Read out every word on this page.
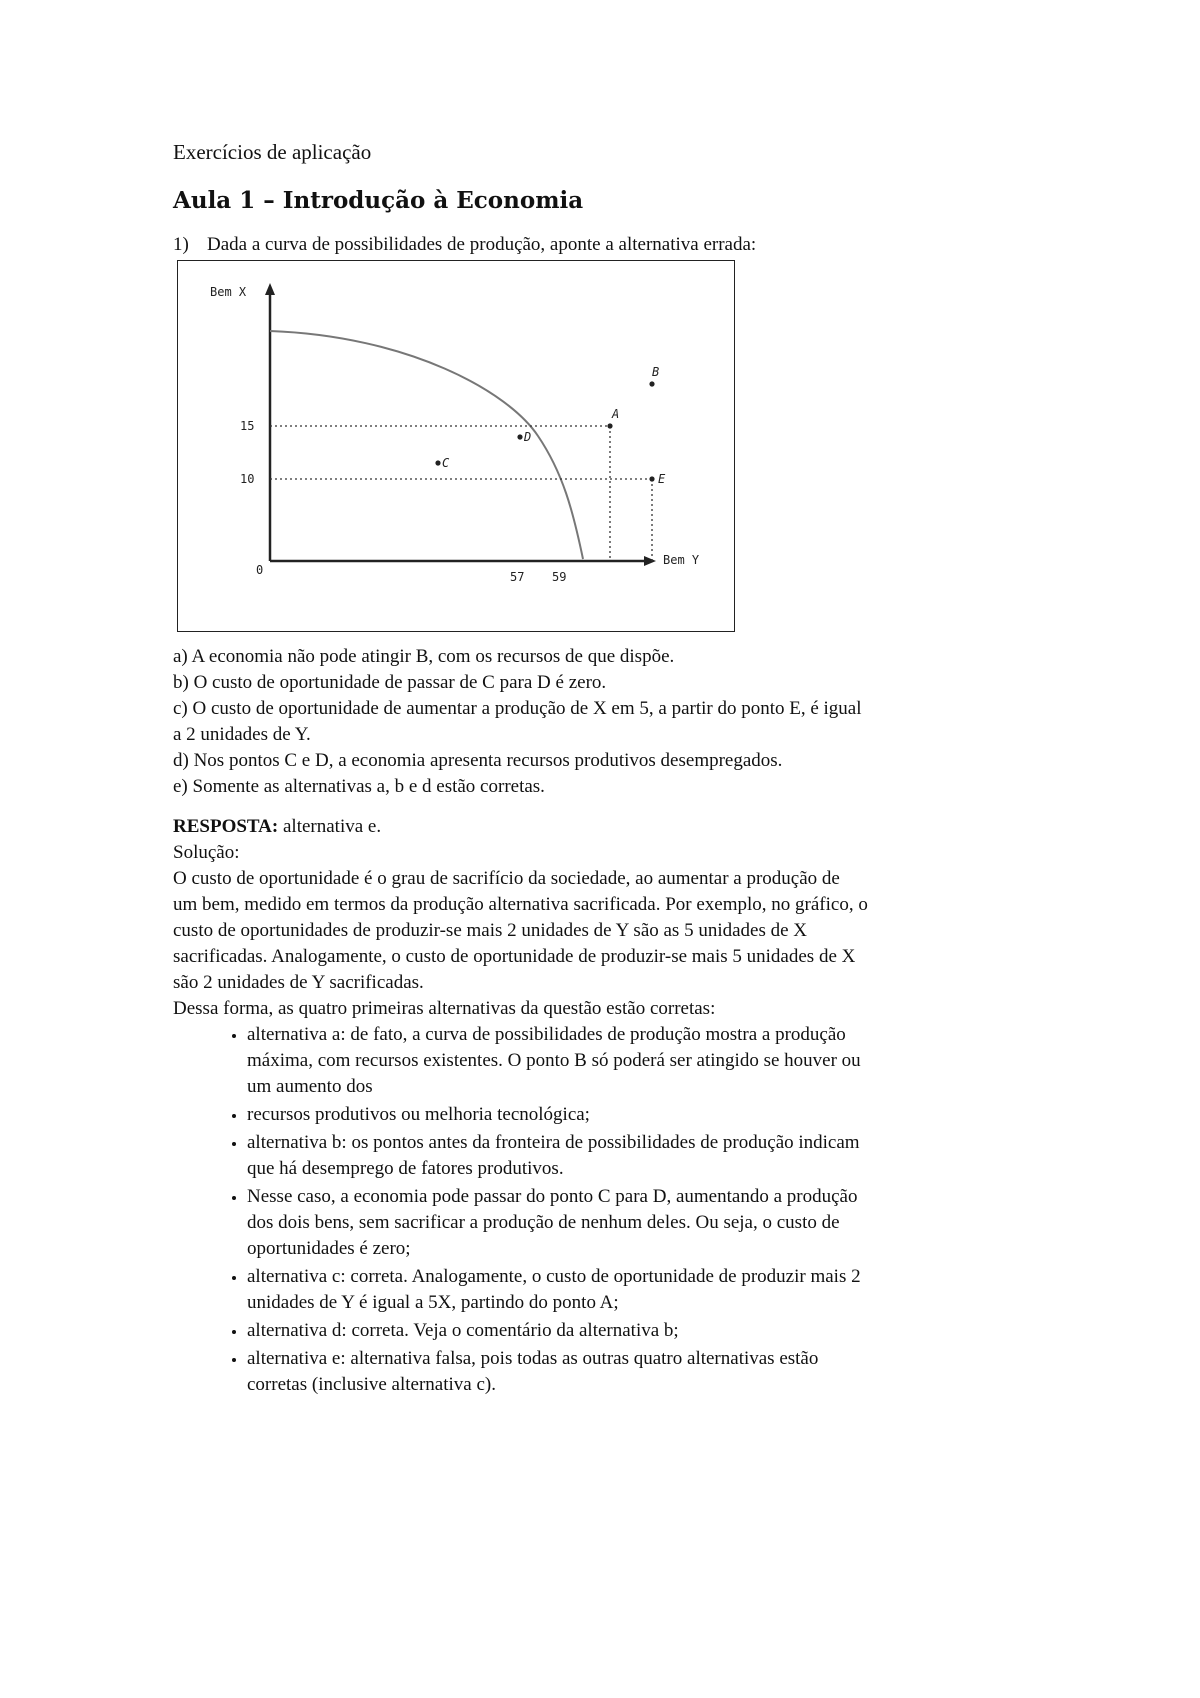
Exercícios de aplicação

Aula 1 – Introdução à Economia
1) Dada a curva de possibilidades de produção, aponte a alternativa errada:
Bem X
Bem Y
0
15
10
57 59
A
E
B
D
C
a) A economia não pode atingir B, com os recursos de que dispõe.
b) O custo de oportunidade de passar de C para D é zero.
c) O custo de oportunidade de aumentar a produção de X em 5, a partir do ponto E, é igual
a 2 unidades de Y.
d) Nos pontos C e D, a economia apresenta recursos produtivos desempregados.
e) Somente as alternativas a, b e d estão corretas.
RESPOSTA: alternativa e.
Solução:
O custo de oportunidade é o grau de sacrifício da sociedade, ao aumentar a produção de
um bem, medido em termos da produção alternativa sacrificada. Por exemplo, no gráfico, o
custo de oportunidades de produzir-se mais 2 unidades de Y são as 5 unidades de X
sacrificadas. Analogamente, o custo de oportunidade de produzir-se mais 5 unidades de X
são 2 unidades de Y sacrificadas.
Dessa forma, as quatro primeiras alternativas da questão estão corretas:
• alternativa a: de fato, a curva de possibilidades de produção mostra a produção
máxima, com recursos existentes. O ponto B só poderá ser atingido se houver ou
um aumento dos
• recursos produtivos ou melhoria tecnológica;
• alternativa b: os pontos antes da fronteira de possibilidades de produção indicam
que há desemprego de fatores produtivos.
• Nesse caso, a economia pode passar do ponto C para D, aumentando a produção
dos dois bens, sem sacrificar a produção de nenhum deles. Ou seja, o custo de
oportunidades é zero;
• alternativa c: correta. Analogamente, o custo de oportunidade de produzir mais 2
unidades de Y é igual a 5X, partindo do ponto A;
• alternativa d: correta. Veja o comentário da alternativa b;
• alternativa e: alternativa falsa, pois todas as outras quatro alternativas estão
corretas (inclusive alternativa c).
